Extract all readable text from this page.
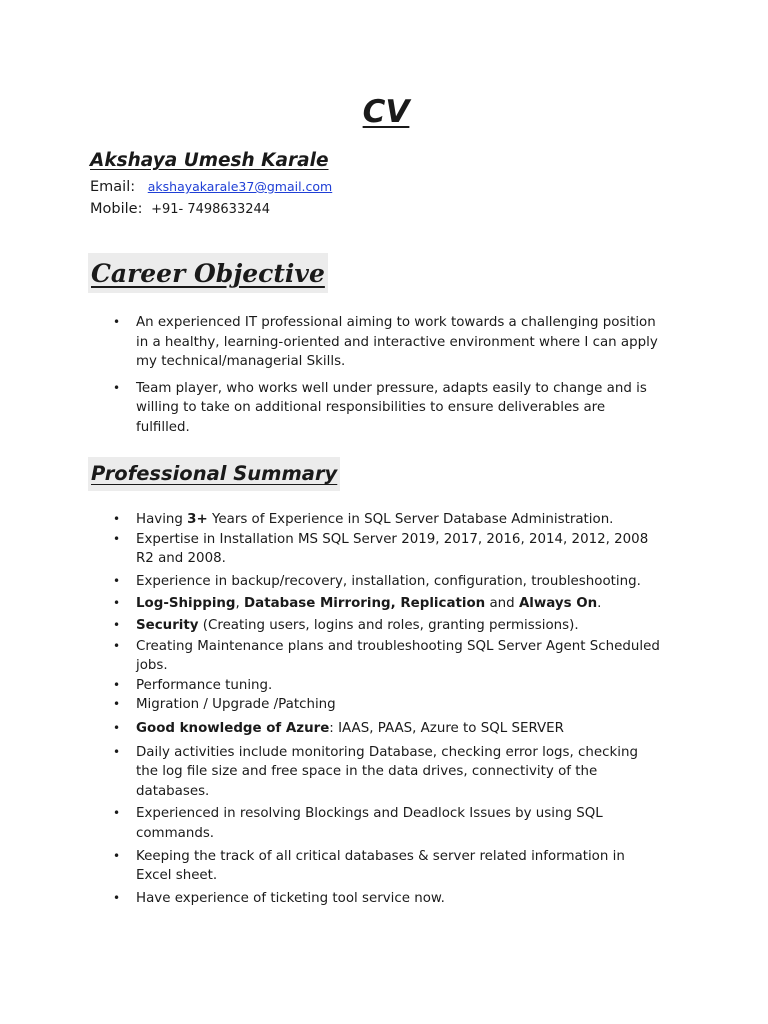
CV
Akshaya Umesh Karale
Email: akshayakarale37@gmail.com
Mobile: +91- 7498633244
Career Objective
• An experienced IT professional aiming to work towards a challenging position
in a healthy, learning-oriented and interactive environment where I can apply
my technical/managerial Skills.
• Team player, who works well under pressure, adapts easily to change and is
willing to take on additional responsibilities to ensure deliverables are
fulfilled.
Professional Summary
• Having 3+ Years of Experience in SQL Server Database Administration.
• Expertise in Installation MS SQL Server 2019, 2017, 2016, 2014, 2012, 2008
R2 and 2008.
• Experience in backup/recovery, installation, configuration, troubleshooting.
• Log-Shipping, Database Mirroring, Replication and Always On.
• Security (Creating users, logins and roles, granting permissions).
• Creating Maintenance plans and troubleshooting SQL Server Agent Scheduled
jobs.
• Performance tuning.
• Migration / Upgrade /Patching
• Good knowledge of Azure: IAAS, PAAS, Azure to SQL SERVER
• Daily activities include monitoring Database, checking error logs, checking
the log file size and free space in the data drives, connectivity of the
databases.
• Experienced in resolving Blockings and Deadlock Issues by using SQL
commands.
• Keeping the track of all critical databases & server related information in
Excel sheet.
• Have experience of ticketing tool service now.
